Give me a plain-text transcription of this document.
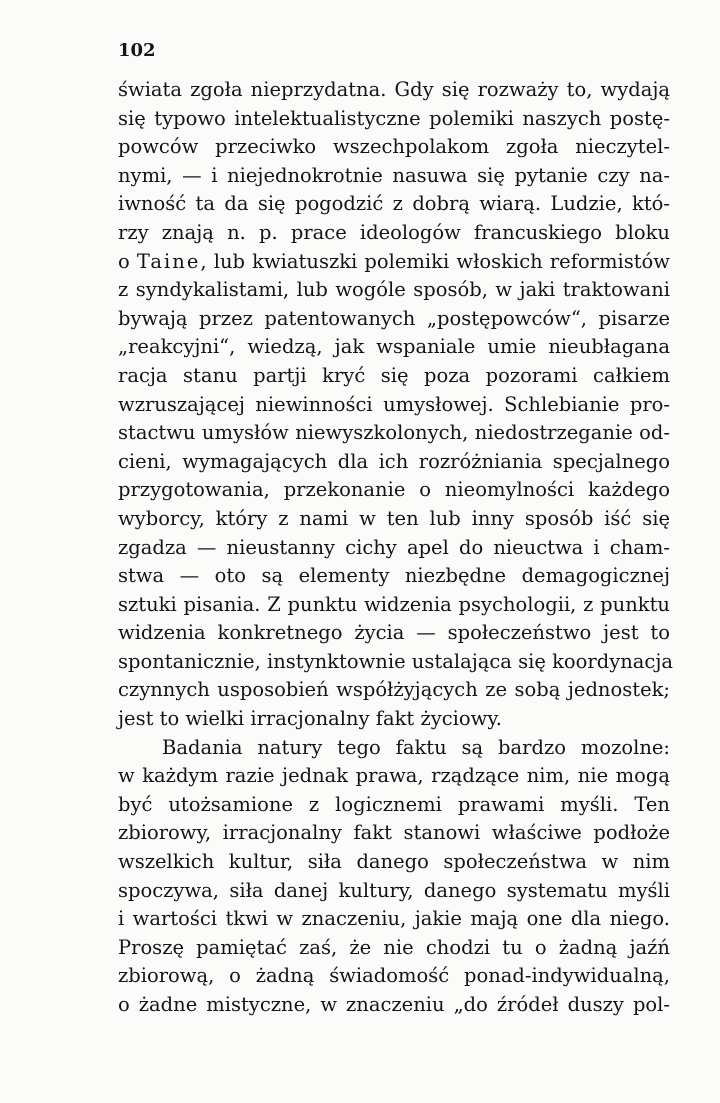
102
świata zgoła nieprzydatna. Gdy się rozważy to, wydają
się typowo intelektualistyczne polemiki naszych postę-
powców przeciwko wszechpolakom zgoła nieczytel-
nymi, — i niejednokrotnie nasuwa się pytanie czy na-
iwność ta da się pogodzić z dobrą wiarą. Ludzie, któ-
rzy znają n. p. prace ideologów francuskiego bloku
o Taine, lub kwiatuszki polemiki włoskich reformistów
z syndykalistami, lub wogóle sposób, w jaki traktowani
bywają przez patentowanych „postępowców“, pisarze
„reakcyjni“, wiedzą, jak wspaniale umie nieubłagana
racja stanu partji kryć się poza pozorami całkiem
wzruszającej niewinności umysłowej. Schlebianie pro-
stactwu umysłów niewyszkolonych, niedostrzeganie od-
cieni, wymagających dla ich rozróżniania specjalnego
przygotowania, przekonanie o nieomylności każdego
wyborcy, który z nami w ten lub inny sposób iść się
zgadza — nieustanny cichy apel do nieuctwa i cham-
stwa — oto są elementy niezbędne demagogicznej
sztuki pisania. Z punktu widzenia psychologii, z punktu
widzenia konkretnego życia — społeczeństwo jest to
spontanicznie, instynktownie ustalająca się koordynacja
czynnych usposobień współżyjących ze sobą jednostek;
jest to wielki irracjonalny fakt życiowy.
Badania natury tego faktu są bardzo mozolne:
w każdym razie jednak prawa, rządzące nim, nie mogą
być utożsamione z logicznemi prawami myśli. Ten
zbiorowy, irracjonalny fakt stanowi właściwe podłoże
wszelkich kultur, siła danego społeczeństwa w nim
spoczywa, siła danej kultury, danego systematu myśli
i wartości tkwi w znaczeniu, jakie mają one dla niego.
Proszę pamiętać zaś, że nie chodzi tu o żadną jaźń
zbiorową, o żadną świadomość ponad-indywidualną,
o żadne mistyczne, w znaczeniu „do źródeł duszy pol-
